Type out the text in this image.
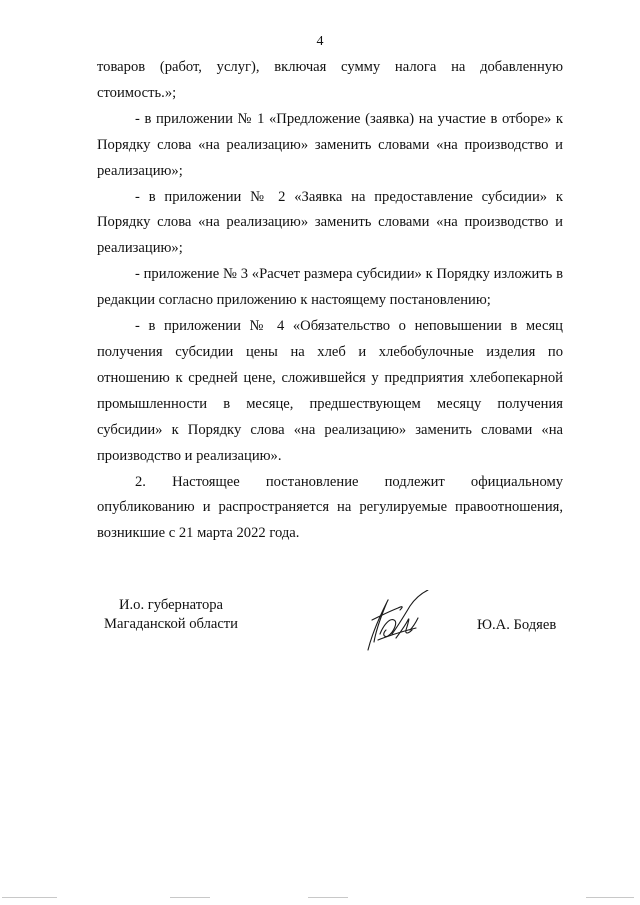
4

товаров (работ, услуг), включая сумму налога на добавленную стоимость.»;

- в приложении № 1 «Предложение (заявка) на участие в отборе» к Порядку слова «на реализацию» заменить словами «на производство и реализацию»;

- в приложении № 2 «Заявка на предоставление субсидии» к Порядку слова «на реализацию» заменить словами «на производство и реализацию»;

- приложение № 3 «Расчет размера субсидии» к Порядку изложить в редакции согласно приложению к настоящему постановлению;

- в приложении № 4 «Обязательство о неповышении в месяц получения субсидии цены на хлеб и хлебобулочные изделия по отношению к средней цене, сложившейся у предприятия хлебопекарной промышленности в месяце, предшествующем месяцу получения субсидии» к Порядку слова «на реализацию» заменить словами «на производство и реализацию».

2. Настоящее постановление подлежит официальному опубликованию и распространяется на регулируемые правоотношения, возникшие с 21 марта 2022 года.

И.о. губернатора
Магаданской области	Ю.А. Бодяев
